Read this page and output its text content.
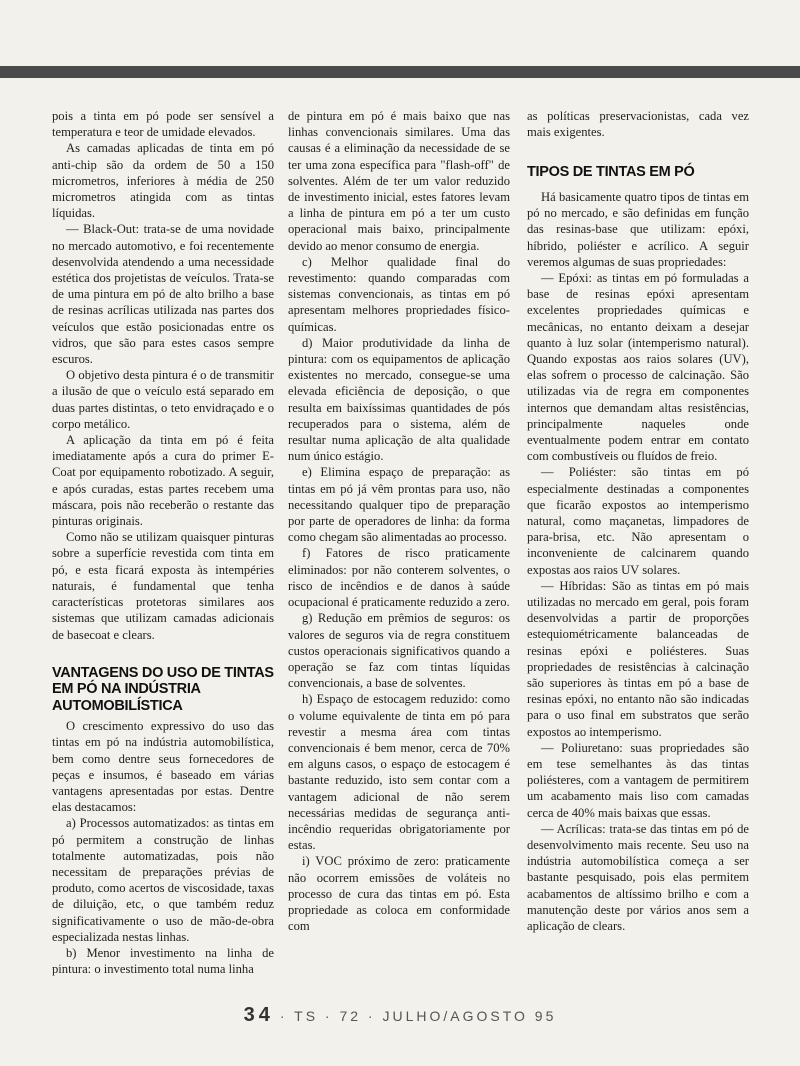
pois a tinta em pó pode ser sensível a temperatura e teor de umidade elevados.

As camadas aplicadas de tinta em pó anti-chip são da ordem de 50 a 150 micrometros, inferiores à média de 250 micrometros atingida com as tintas líquidas.

— Black-Out: trata-se de uma novidade no mercado automotivo, e foi recentemente desenvolvida atendendo a uma necessidade estética dos projetistas de veículos. Trata-se de uma pintura em pó de alto brilho a base de resinas acrílicas utilizada nas partes dos veículos que estão posicionadas entre os vidros, que são para estes casos sempre escuros.

O objetivo desta pintura é o de transmitir a ilusão de que o veículo está separado em duas partes distintas, o teto envidraçado e o corpo metálico.

A aplicação da tinta em pó é feita imediatamente após a cura do primer E-Coat por equipamento robotizado. A seguir, e após curadas, estas partes recebem uma máscara, pois não receberão o restante das pinturas originais.

Como não se utilizam quaisquer pinturas sobre a superfície revestida com tinta em pó, e esta ficará exposta às intempéries naturais, é fundamental que tenha características protetoras similares aos sistemas que utilizam camadas adicionais de basecoat e clears.

VANTAGENS DO USO DE TINTAS EM PÓ NA INDÚSTRIA AUTOMOBILÍSTICA

O crescimento expressivo do uso das tintas em pó na indústria automobilística, bem como dentre seus fornecedores de peças e insumos, é baseado em várias vantagens apresentadas por estas. Dentre elas destacamos:

a) Processos automatizados: as tintas em pó permitem a construção de linhas totalmente automatizadas, pois não necessitam de preparações prévias de produto, como acertos de viscosidade, taxas de diluição, etc, o que também reduz significativamente o uso de mão-de-obra especializada nestas linhas.

b) Menor investimento na linha de pintura: o investimento total numa linha

de pintura em pó é mais baixo que nas linhas convencionais similares. Uma das causas é a eliminação da necessidade de se ter uma zona específica para "flash-off" de solventes. Além de ter um valor reduzido de investimento inicial, estes fatores levam a linha de pintura em pó a ter um custo operacional mais baixo, principalmente devido ao menor consumo de energia.

c) Melhor qualidade final do revestimento: quando comparadas com sistemas convencionais, as tintas em pó apresentam melhores propriedades físico-químicas.

d) Maior produtividade da linha de pintura: com os equipamentos de aplicação existentes no mercado, consegue-se uma elevada eficiência de deposição, o que resulta em baixíssimas quantidades de pós recuperados para o sistema, além de resultar numa aplicação de alta qualidade num único estágio.

e) Elimina espaço de preparação: as tintas em pó já vêm prontas para uso, não necessitando qualquer tipo de preparação por parte de operadores de linha: da forma como chegam são alimentadas ao processo.

f) Fatores de risco praticamente eliminados: por não conterem solventes, o risco de incêndios e de danos à saúde ocupacional é praticamente reduzido a zero.

g) Redução em prêmios de seguros: os valores de seguros via de regra constituem custos operacionais significativos quando a operação se faz com tintas líquidas convencionais, a base de solventes.

h) Espaço de estocagem reduzido: como o volume equivalente de tinta em pó para revestir a mesma área com tintas convencionais é bem menor, cerca de 70% em alguns casos, o espaço de estocagem é bastante reduzido, isto sem contar com a vantagem adicional de não serem necessárias medidas de segurança anti-incêndio requeridas obrigatoriamente por estas.

i) VOC próximo de zero: praticamente não ocorrem emissões de voláteis no processo de cura das tintas em pó. Esta propriedade as coloca em conformidade com

as políticas preservacionistas, cada vez mais exigentes.

TIPOS DE TINTAS EM PÓ

Há basicamente quatro tipos de tintas em pó no mercado, e são definidas em função das resinas-base que utilizam: epóxi, híbrido, poliéster e acrílico. A seguir veremos algumas de suas propriedades:

— Epóxi: as tintas em pó formuladas a base de resinas epóxi apresentam excelentes propriedades químicas e mecânicas, no entanto deixam a desejar quanto à luz solar (intemperismo natural). Quando expostas aos raios solares (UV), elas sofrem o processo de calcinação. São utilizadas via de regra em componentes internos que demandam altas resistências, principalmente naqueles onde eventualmente podem entrar em contato com combustíveis ou fluídos de freio.

— Poliéster: são tintas em pó especialmente destinadas a componentes que ficarão expostos ao intemperismo natural, como maçanetas, limpadores de para-brisa, etc. Não apresentam o inconveniente de calcinarem quando expostas aos raios UV solares.

— Híbridas: São as tintas em pó mais utilizadas no mercado em geral, pois foram desenvolvidas a partir de proporções estequiométricamente balanceadas de resinas epóxi e poliésteres. Suas propriedades de resistências à calcinação são superiores às tintas em pó a base de resinas epóxi, no entanto não são indicadas para o uso final em substratos que serão expostos ao intemperismo.

— Poliuretano: suas propriedades são em tese semelhantes às das tintas poliésteres, com a vantagem de permitirem um acabamento mais liso com camadas cerca de 40% mais baixas que essas.

— Acrílicas: trata-se das tintas em pó de desenvolvimento mais recente. Seu uso na indústria automobilística começa a ser bastante pesquisado, pois elas permitem acabamentos de altíssimo brilho e com a manutenção deste por vários anos sem a aplicação de clears.

34 · TS · 72 · JULHO/AGOSTO 95
